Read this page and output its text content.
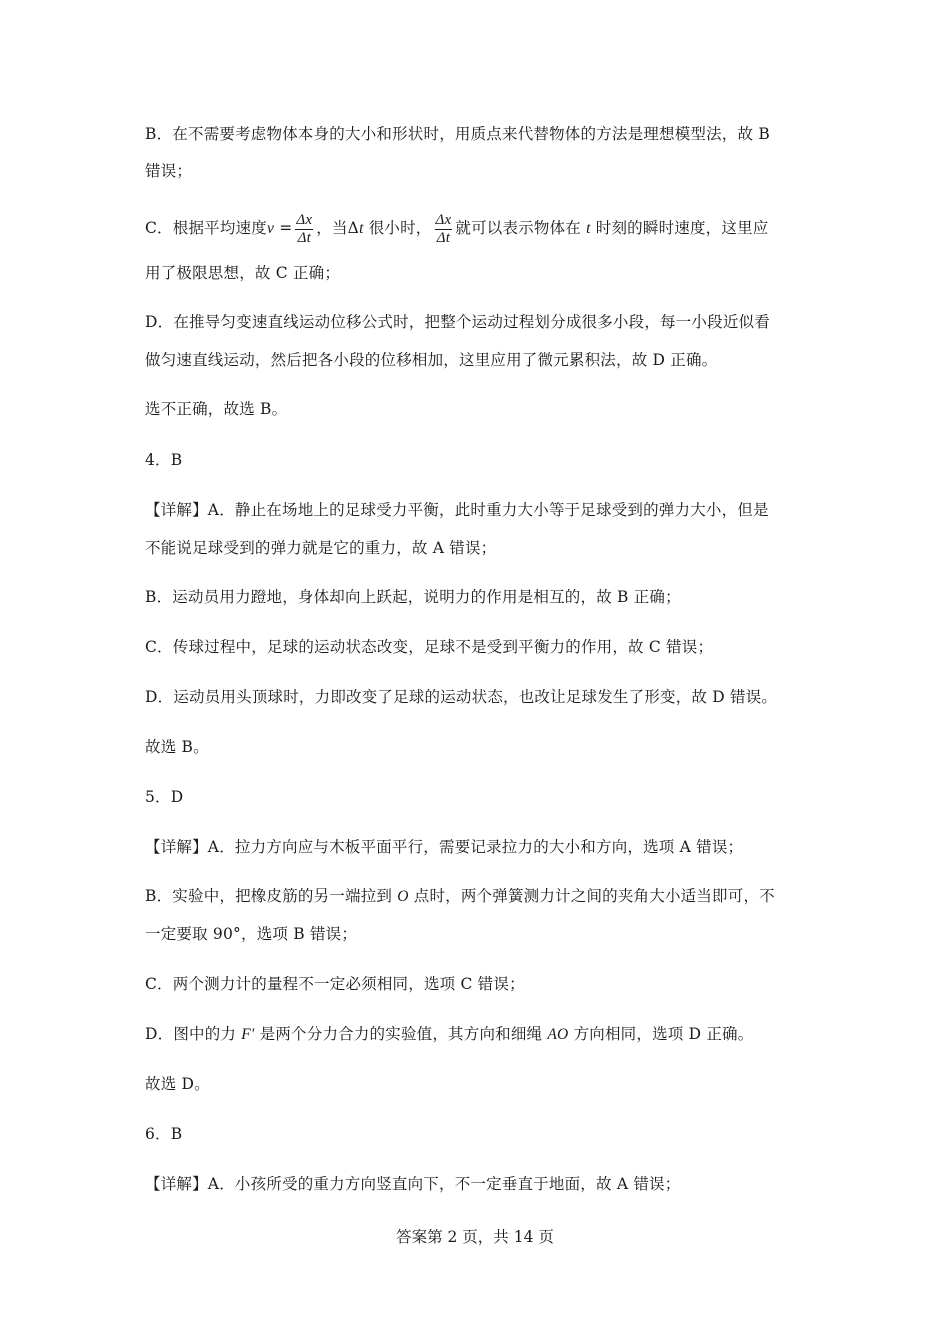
B．在不需要考虑物体本身的大小和形状时，用质点来代替物体的方法是理想模型法，故 B
错误；
C．根据平均速度$v = \frac{\Delta x}{\Delta t}$ ，当Δt 很小时， $\frac{\Delta x}{\Delta t}$ 就可以表示物体在 t 时刻的瞬时速度，这里应
用了极限思想，故 C 正确；
D．在推导匀变速直线运动位移公式时，把整个运动过程划分成很多小段，每一小段近似看
做匀速直线运动，然后把各小段的位移相加，这里应用了微元累积法，故 D 正确。
选不正确，故选 B。
4．B
【详解】A．静止在场地上的足球受力平衡，此时重力大小等于足球受到的弹力大小，但是
不能说足球受到的弹力就是它的重力，故 A 错误；
B．运动员用力蹬地，身体却向上跃起，说明力的作用是相互的，故 B 正确；
C．传球过程中，足球的运动状态改变，足球不是受到平衡力的作用，故 C 错误；
D．运动员用头顶球时，力即改变了足球的运动状态，也改让足球发生了形变，故 D 错误。
故选 B。
5．D
【详解】A．拉力方向应与木板平面平行，需要记录拉力的大小和方向，选项 A 错误；
B．实验中，把橡皮筋的另一端拉到 O 点时，两个弹簧测力计之间的夹角大小适当即可，不
一定要取 90°，选项 B 错误；
C．两个测力计的量程不一定必须相同，选项 C 错误；
D．图中的力 F′ 是两个分力合力的实验值，其方向和细绳 AO 方向相同，选项 D 正确。
故选 D。
6．B
【详解】A．小孩所受的重力方向竖直向下，不一定垂直于地面，故 A 错误；
答案第 2 页，共 14 页
